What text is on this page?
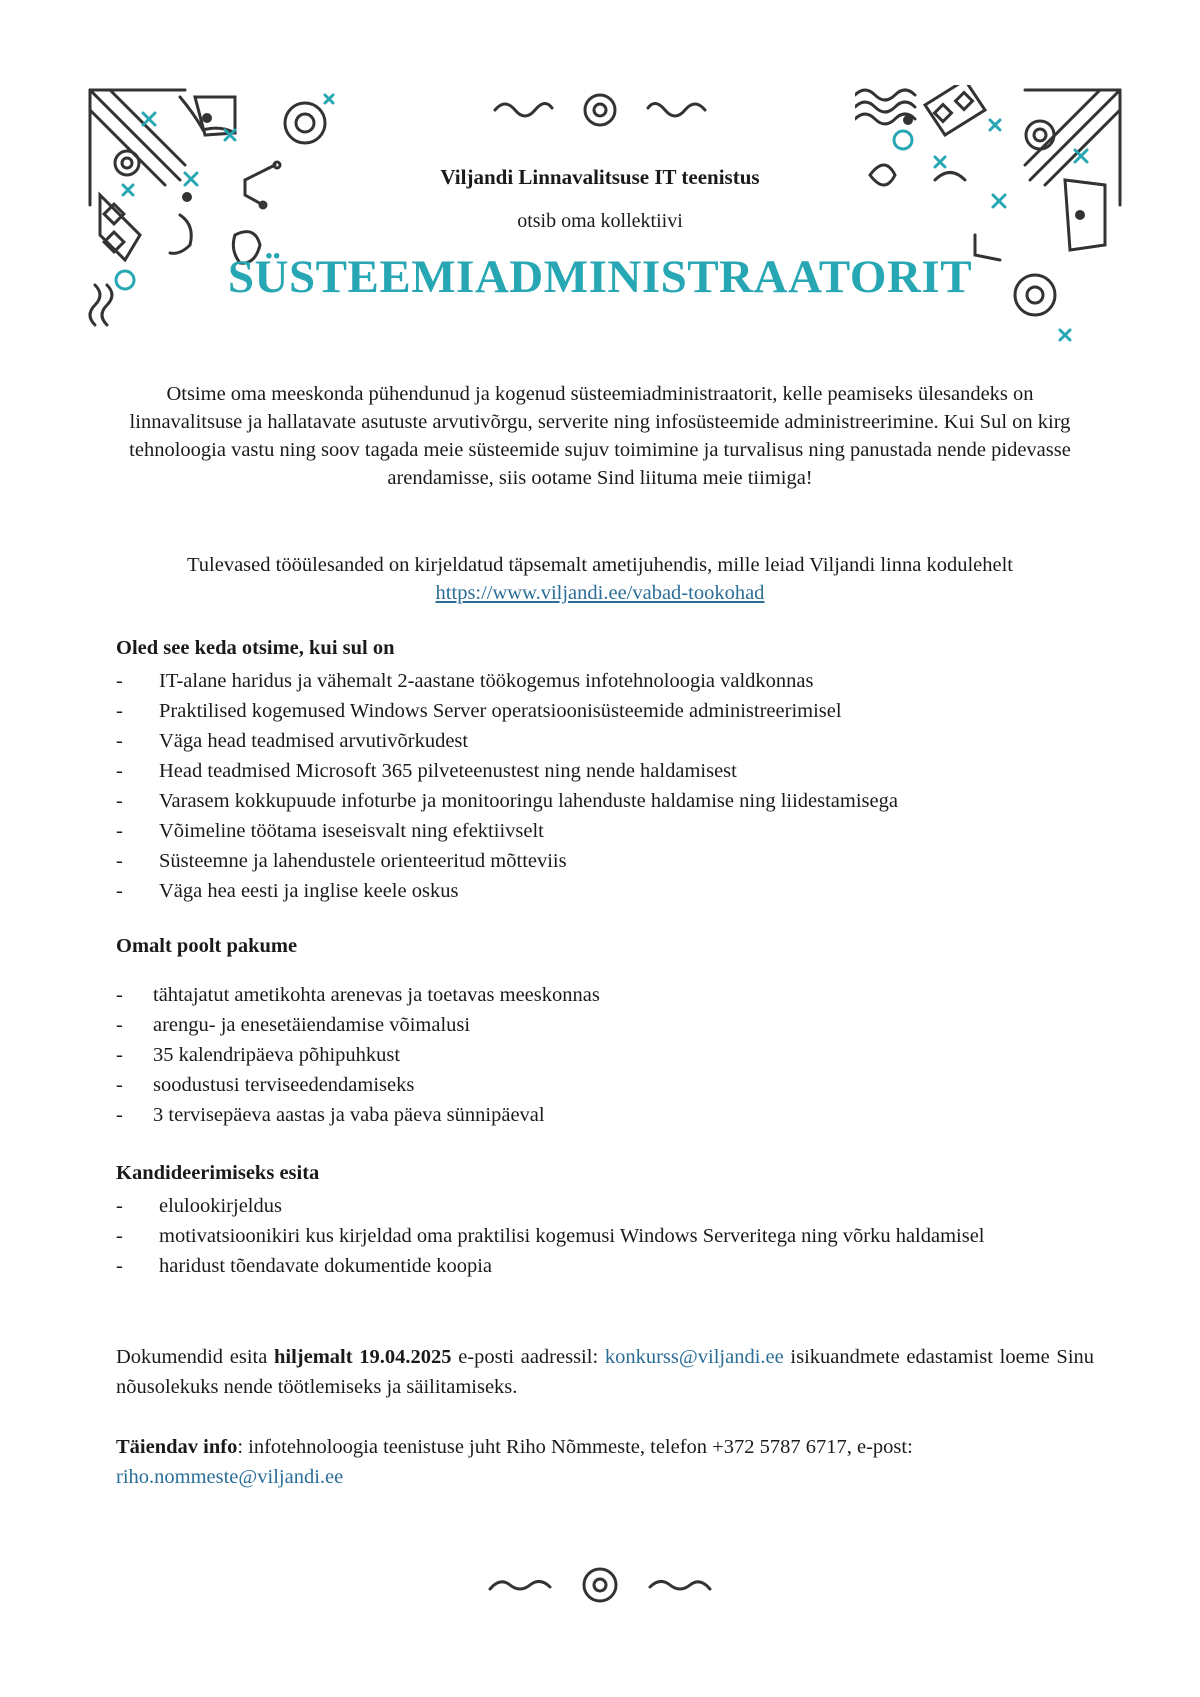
Viljandi Linnavalitsuse IT teenistus
otsib oma kollektiivi
SÜSTEEMIADMINISTRAATORIT
Otsime oma meeskonda pühendunud ja kogenud süsteemiadministraatorit, kelle peamiseks ülesandeks on linnavalitsuse ja hallatavate asutuste arvutivõrgu, serverite ning infosüsteemide administreerimine. Kui Sul on kirg tehnoloogia vastu ning soov tagada meie süsteemide sujuv toimimine ja turvalisus ning panustada nende pidevasse arendamisse, siis ootame Sind liituma meie tiimiga!
Tulevased tööülesanded on kirjeldatud täpsemalt ametijuhendis, mille leiad Viljandi linna kodulehelt https://www.viljandi.ee/vabad-tookohad
Oled see keda otsime, kui sul on
- IT-alane haridus ja vähemalt 2-aastane töökogemus infotehnoloogia valdkonnas
- Praktilised kogemused Windows Server operatsioonisüsteemide administreerimisel
- Väga head teadmised arvutivõrkudest
- Head teadmised Microsoft 365 pilveteenustest ning nende haldamisest
- Varasem kokkupuude infoturbe ja monitooringu lahenduste haldamise ning liidestamisega
- Võimeline töötama iseseisvalt ning efektiivselt
- Süsteemne ja lahendustele orienteeritud mõtteviis
- Väga hea eesti ja inglise keele oskus
Omalt poolt pakume
- tähtajatut ametikohta arenevas ja toetavas meeskonnas
- arengu- ja enesetäiendamise võimalusi
- 35 kalendripäeva põhipuhkust
- soodustusi terviseedendamiseks
- 3 tervisepäeva aastas ja vaba päeva sünnipäeval
Kandideerimiseks esita
- elulookirjeldus
- motivatsioonikiri kus kirjeldad oma praktilisi kogemusi Windows Serveritega ning võrku haldamisel
- haridust tõendavate dokumentide koopia
Dokumendid esita hiljemalt 19.04.2025 e-posti aadressil: konkurss@viljandi.ee isikuandmete edastamist loeme Sinu nõusolekuks nende töötlemiseks ja säilitamiseks.
Täiendav info: infotehnoloogia teenistuse juht Riho Nõmmeste, telefon +372 5787 6717, e-post:
riho.nommeste@viljandi.ee
